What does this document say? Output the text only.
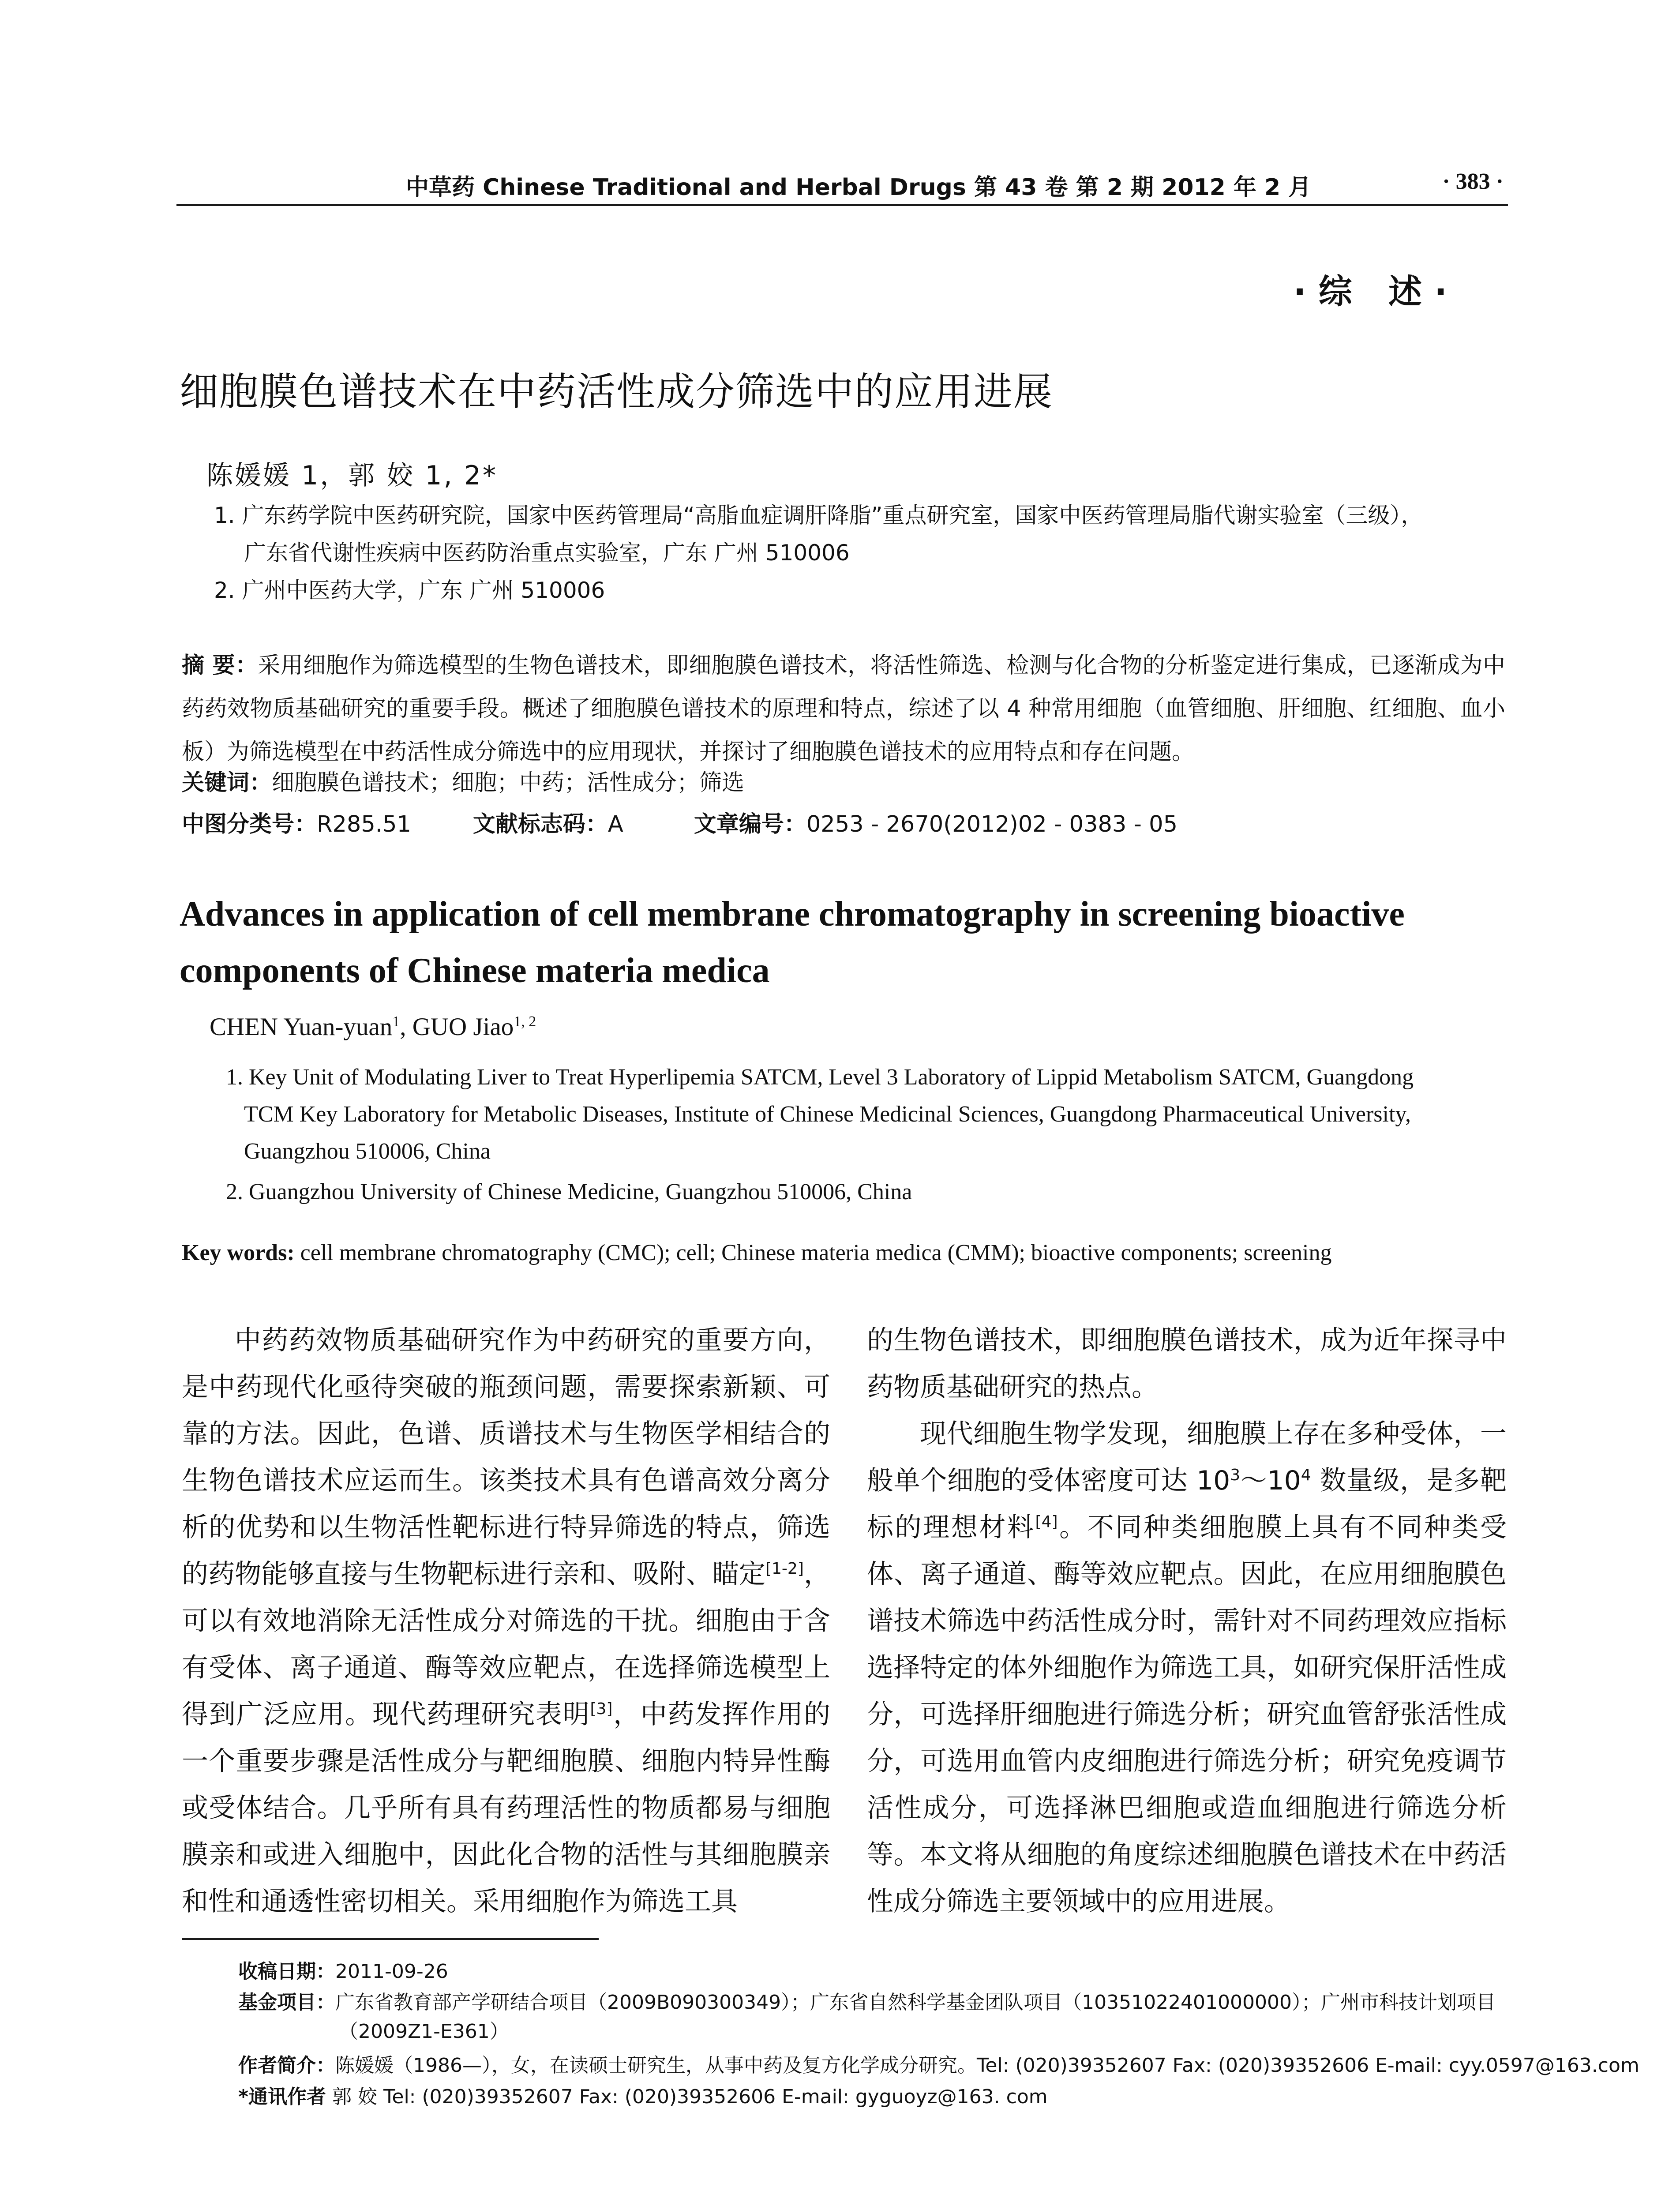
中草药 Chinese Traditional and Herbal Drugs 第 43 卷 第 2 期 2012 年 2 月	· 383 ·
·综 述·
细胞膜色谱技术在中药活性成分筛选中的应用进展
陈媛媛 1，郭 姣 1, 2*
1. 广东药学院中医药研究院，国家中医药管理局“高脂血症调肝降脂”重点研究室，国家中医药管理局脂代谢实验室（三级），
广东省代谢性疾病中医药防治重点实验室，广东 广州 510006
2. 广州中医药大学，广东 广州 510006
摘 要：采用细胞作为筛选模型的生物色谱技术，即细胞膜色谱技术，将活性筛选、检测与化合物的分析鉴定进行集成，已逐渐成为中药药效物质基础研究的重要手段。概述了细胞膜色谱技术的原理和特点，综述了以 4 种常用细胞（血管细胞、肝细胞、红细胞、血小板）为筛选模型在中药活性成分筛选中的应用现状，并探讨了细胞膜色谱技术的应用特点和存在问题。
关键词：细胞膜色谱技术；细胞；中药；活性成分；筛选
中图分类号：R285.51	文献标志码：A	文章编号：0253 - 2670(2012)02 - 0383 - 05
Advances in application of cell membrane chromatography in screening bioactive components of Chinese materia medica
CHEN Yuan-yuan$^1$, GUO Jiao$^{1, 2}$
1. Key Unit of Modulating Liver to Treat Hyperlipemia SATCM, Level 3 Laboratory of Lippid Metabolism SATCM, Guangdong
TCM Key Laboratory for Metabolic Diseases, Institute of Chinese Medicinal Sciences, Guangdong Pharmaceutical University,
Guangzhou 510006, China
2. Guangzhou University of Chinese Medicine, Guangzhou 510006, China
Key words: cell membrane chromatography (CMC); cell; Chinese materia medica (CMM); bioactive components; screening

中药药效物质基础研究作为中药研究的重要方向，是中药现代化亟待突破的瓶颈问题，需要探索新颖、可靠的方法。因此，色谱、质谱技术与生物医学相结合的生物色谱技术应运而生。该类技术具有色谱高效分离分析的优势和以生物活性靶标进行特异筛选的特点，筛选的药物能够直接与生物靶标进行亲和、吸附、瞄定[1-2]，可以有效地消除无活性成分对筛选的干扰。细胞由于含有受体、离子通道、酶等效应靶点，在选择筛选模型上得到广泛应用。现代药理研究表明[3]，中药发挥作用的一个重要步骤是活性成分与靶细胞膜、细胞内特异性酶或受体结合。几乎所有具有药理活性的物质都易与细胞膜亲和或进入细胞中，因此化合物的活性与其细胞膜亲和性和通透性密切相关。采用细胞作为筛选工具

的生物色谱技术，即细胞膜色谱技术，成为近年探寻中药物质基础研究的热点。

现代细胞生物学发现，细胞膜上存在多种受体，一般单个细胞的受体密度可达 $10^3\sim 10^4$ 数量级，是多靶标的理想材料[4]。不同种类细胞膜上具有不同种类受体、离子通道、酶等效应靶点。因此，在应用细胞膜色谱技术筛选中药活性成分时，需针对不同药理效应指标选择特定的体外细胞作为筛选工具，如研究保肝活性成分，可选择肝细胞进行筛选分析；研究血管舒张活性成分，可选用血管内皮细胞进行筛选分析；研究免疫调节活性成分，可选择淋巴细胞或造血细胞进行筛选分析等。本文将从细胞的角度综述细胞膜色谱技术在中药活性成分筛选主要领域中的应用进展。

收稿日期：2011-09-26
基金项目：广东省教育部产学研结合项目（2009B090300349）；广东省自然科学基金团队项目（10351022401000000）；广州市科技计划项目
（2009Z1-E361）
作者简介：陈媛媛（1986—），女，在读硕士研究生，从事中药及复方化学成分研究。Tel: (020)39352607 Fax: (020)39352606 E-mail: cyy.0597@163.com
*通讯作者 郭 姣 Tel: (020)39352607 Fax: (020)39352606 E-mail: gyguoyz@163. com
